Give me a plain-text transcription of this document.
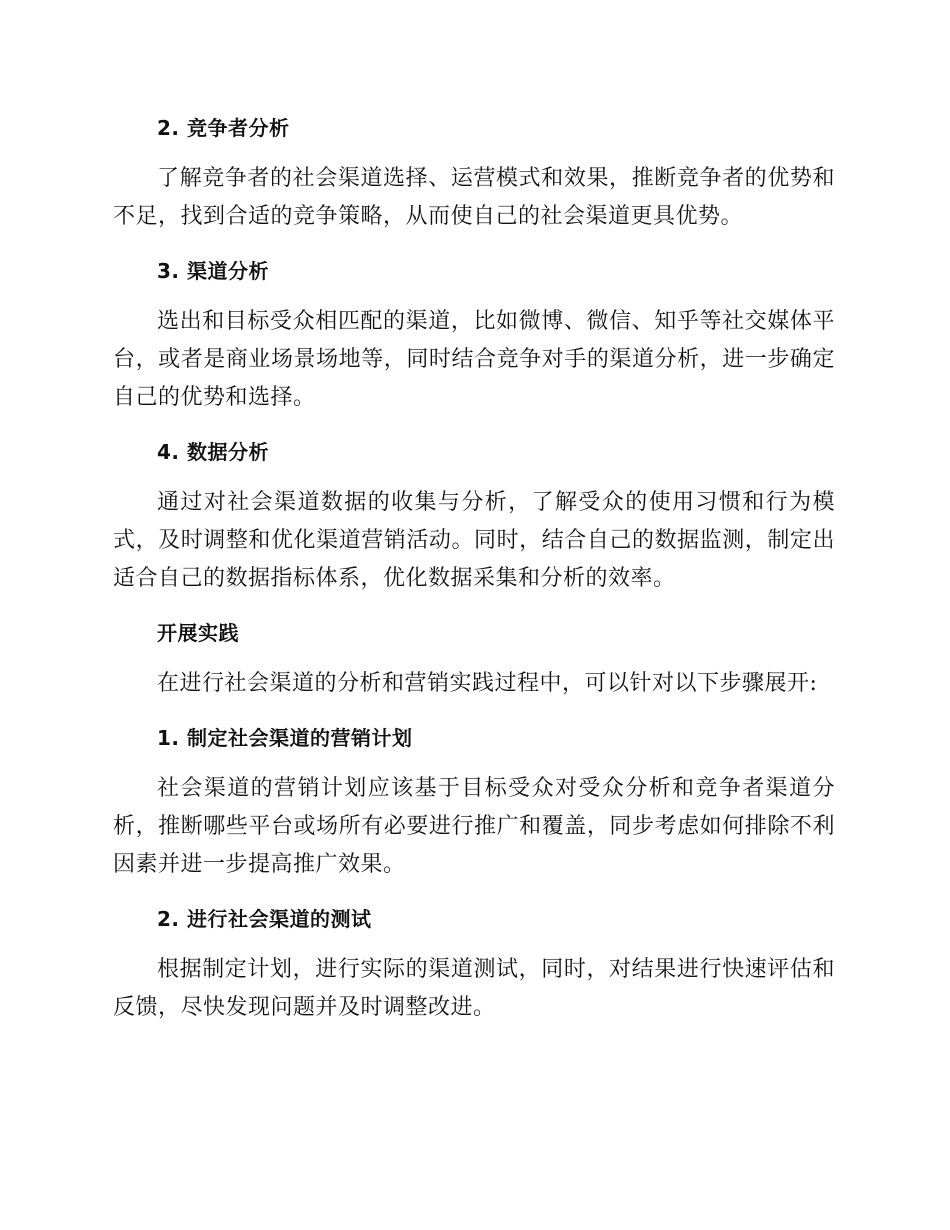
2. 竞争者分析

了解竞争者的社会渠道选择、运营模式和效果，推断竞争者的优势和不足，找到合适的竞争策略，从而使自己的社会渠道更具优势。

3. 渠道分析

选出和目标受众相匹配的渠道，比如微博、微信、知乎等社交媒体平台，或者是商业场景场地等，同时结合竞争对手的渠道分析，进一步确定自己的优势和选择。

4. 数据分析

通过对社会渠道数据的收集与分析，了解受众的使用习惯和行为模式，及时调整和优化渠道营销活动。同时，结合自己的数据监测，制定出适合自己的数据指标体系，优化数据采集和分析的效率。

开展实践

在进行社会渠道的分析和营销实践过程中，可以针对以下步骤展开:

1. 制定社会渠道的营销计划

社会渠道的营销计划应该基于目标受众对受众分析和竞争者渠道分析，推断哪些平台或场所有必要进行推广和覆盖，同步考虑如何排除不利因素并进一步提高推广效果。

2. 进行社会渠道的测试

根据制定计划，进行实际的渠道测试，同时，对结果进行快速评估和反馈，尽快发现问题并及时调整改进。
